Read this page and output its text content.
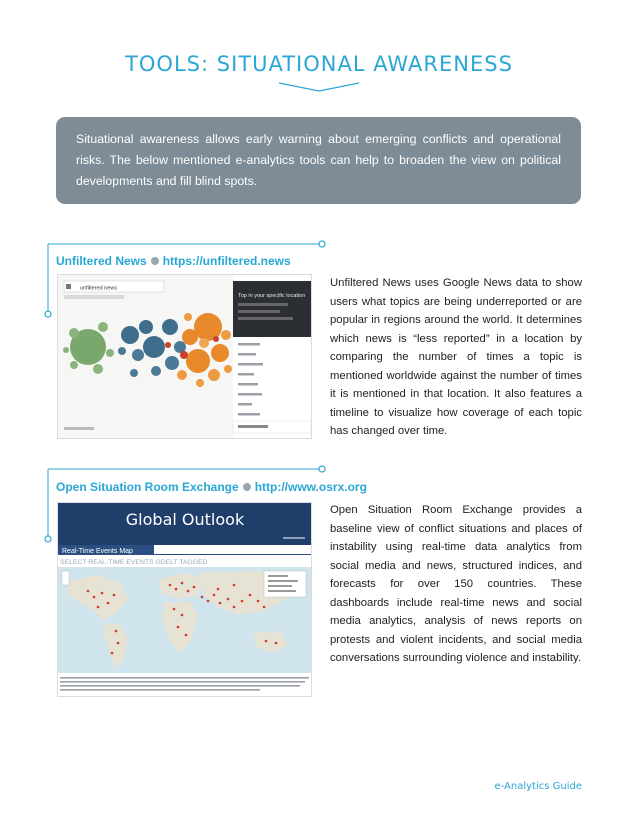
TOOLS: SITUATIONAL AWARENESS
Situational awareness allows early warning about emerging conflicts and operational risks. The below mentioned e-analytics tools can help to broaden the view on political developments and fill blind spots.
Unfiltered News https://unfiltered.news
unfiltered news
Top in your specific location
Unfiltered News uses Google News data to show users what topics are being underreported or are popular in regions around the world. It determines which news is “less reported” in a location by comparing the number of times a topic is mentioned worldwide against the number of times it is mentioned in that location. It also features a timeline to visualize how coverage of each topic has changed over time.
Open Situation Room Exchange http://www.osrx.org
Global Outlook
Real-Time Events Map
SELECT REAL-TIME EVENTS GDELT TAGGED
Open Situation Room Exchange provides a baseline view of conflict situations and places of instability using real-time data analytics from social media and news, structured indices, and forecasts for over 150 countries. These dashboards include real-time news and social media analytics, analysis of news reports on protests and violent incidents, and social media conversations surrounding violence and instability.
e-Analytics Guide
